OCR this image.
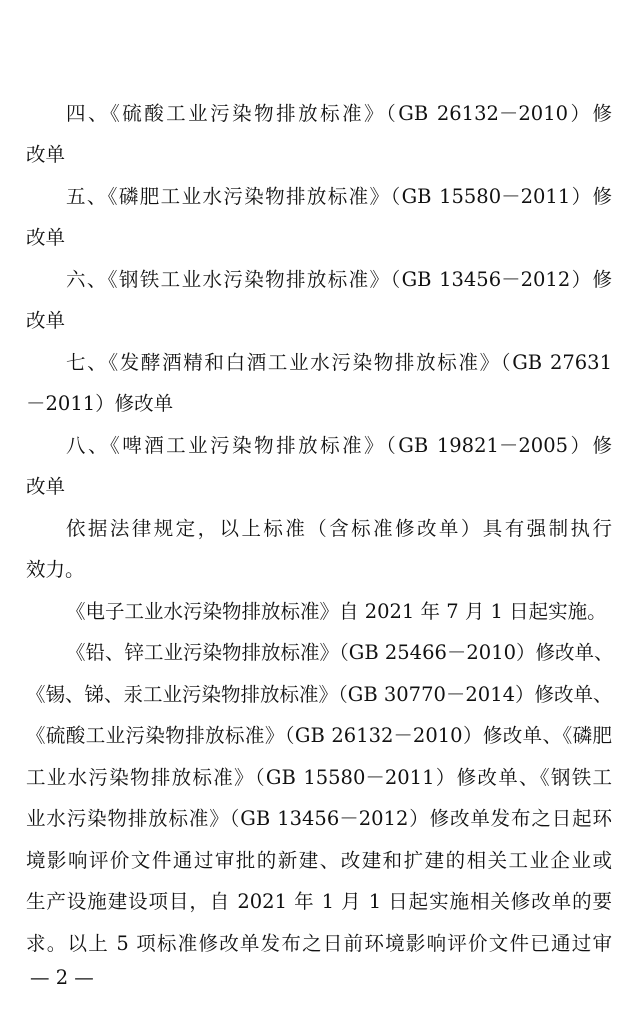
四、《硫酸工业污染物排放标准》（GB 26132－2010）修

改单

五、《磷肥工业水污染物排放标准》（GB 15580－2011）修

改单

六、《钢铁工业水污染物排放标准》（GB 13456－2012）修

改单

七、《发酵酒精和白酒工业水污染物排放标准》（GB 27631

－2011）修改单

八、《啤酒工业污染物排放标准》（GB 19821－2005）修

改单

依据法律规定，以上标准（含标准修改单）具有强制执行

效力。

《电子工业水污染物排放标准》自 2021 年 7 月 1 日起实施。

《铅、锌工业污染物排放标准》（GB 25466－2010）修改单、

《锡、锑、汞工业污染物排放标准》（GB 30770－2014）修改单、

《硫酸工业污染物排放标准》（GB 26132－2010）修改单、《磷肥

工业水污染物排放标准》（GB 15580－2011）修改单、《钢铁工

业水污染物排放标准》（GB 13456－2012）修改单发布之日起环

境影响评价文件通过审批的新建、改建和扩建的相关工业企业或

生产设施建设项目，自 2021 年 1 月 1 日起实施相关修改单的要

求。以上 5 项标准修改单发布之日前环境影响评价文件已通过审

— 2 —
